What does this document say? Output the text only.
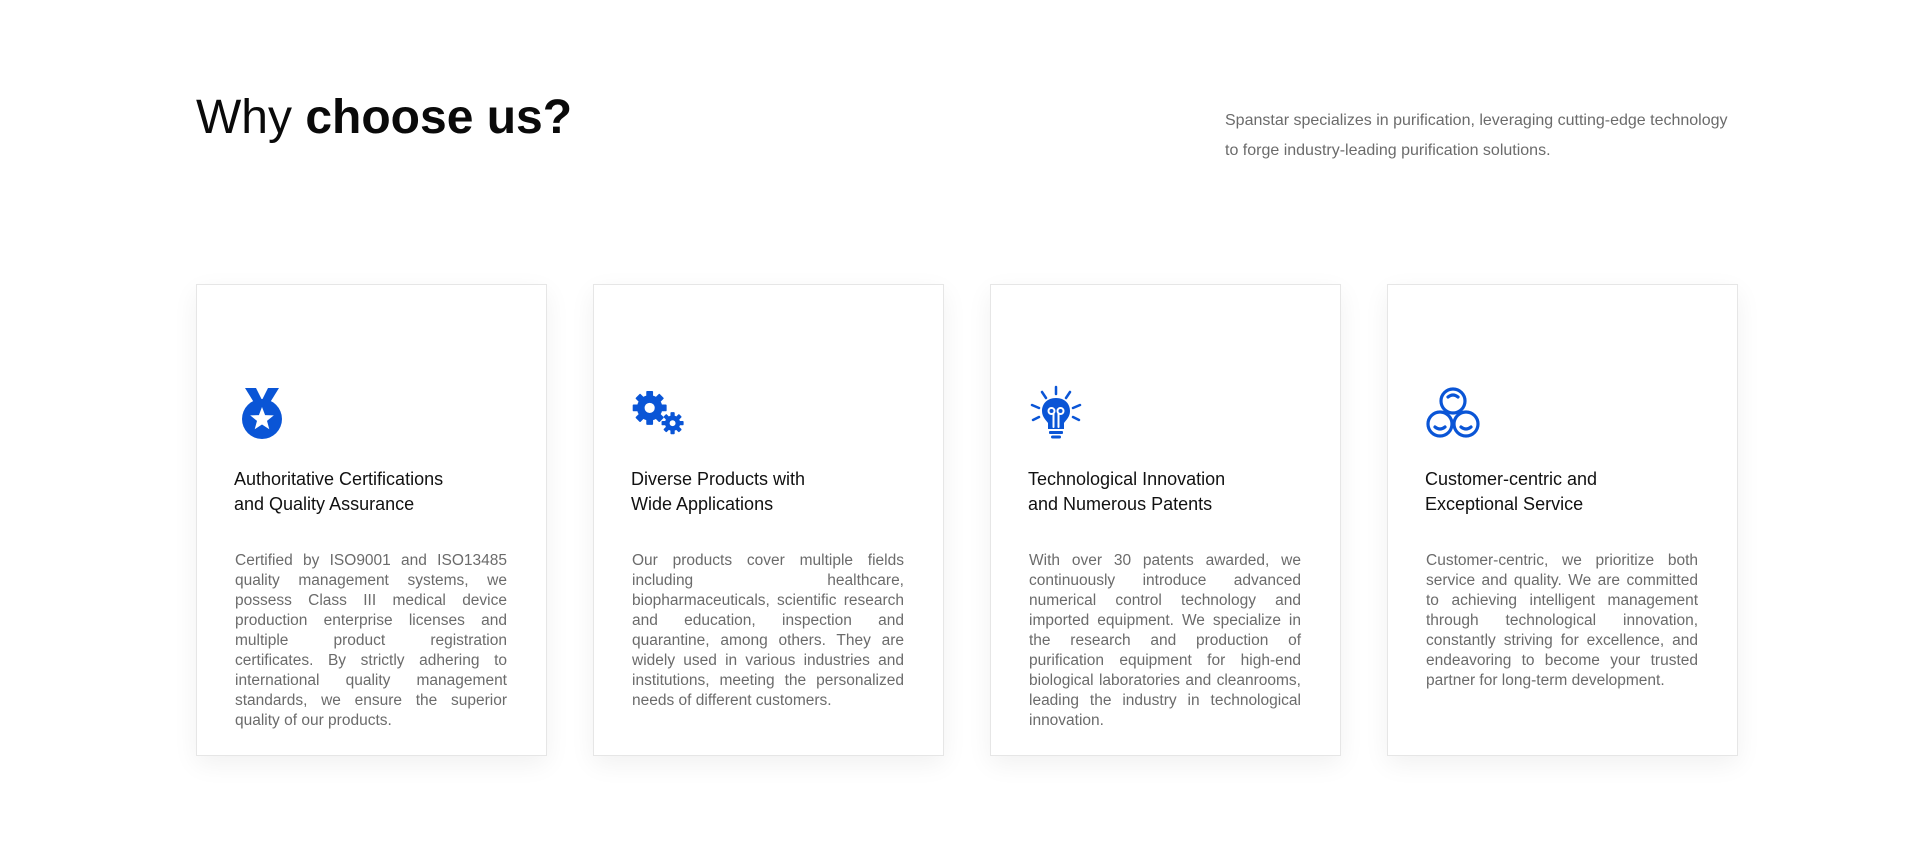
Why choose us?	Spanstar specializes in purification, leveraging cutting-edge technology to forge industry-leading purification solutions.

Authoritative Certifications
and Quality Assurance

Certified by ISO9001 and ISO13485 quality management systems, we possess Class III medical device production enterprise licenses and multiple product registration certificates. By strictly adhering to international quality management standards, we ensure the superior quality of our products.

Diverse Products with
Wide Applications

Our products cover multiple fields including healthcare, biopharmaceuticals, scientific research and education, inspection and quarantine, among others. They are widely used in various industries and institutions, meeting the personalized needs of different customers.

Technological Innovation
and Numerous Patents

With over 30 patents awarded, we continuously introduce advanced numerical control technology and imported equipment. We specialize in the research and production of purification equipment for high-end biological laboratories and cleanrooms, leading the industry in technological innovation.

Customer-centric and
Exceptional Service

Customer-centric, we prioritize both service and quality. We are committed to achieving intelligent management through technological innovation, constantly striving for excellence, and endeavoring to become your trusted partner for long-term development.
